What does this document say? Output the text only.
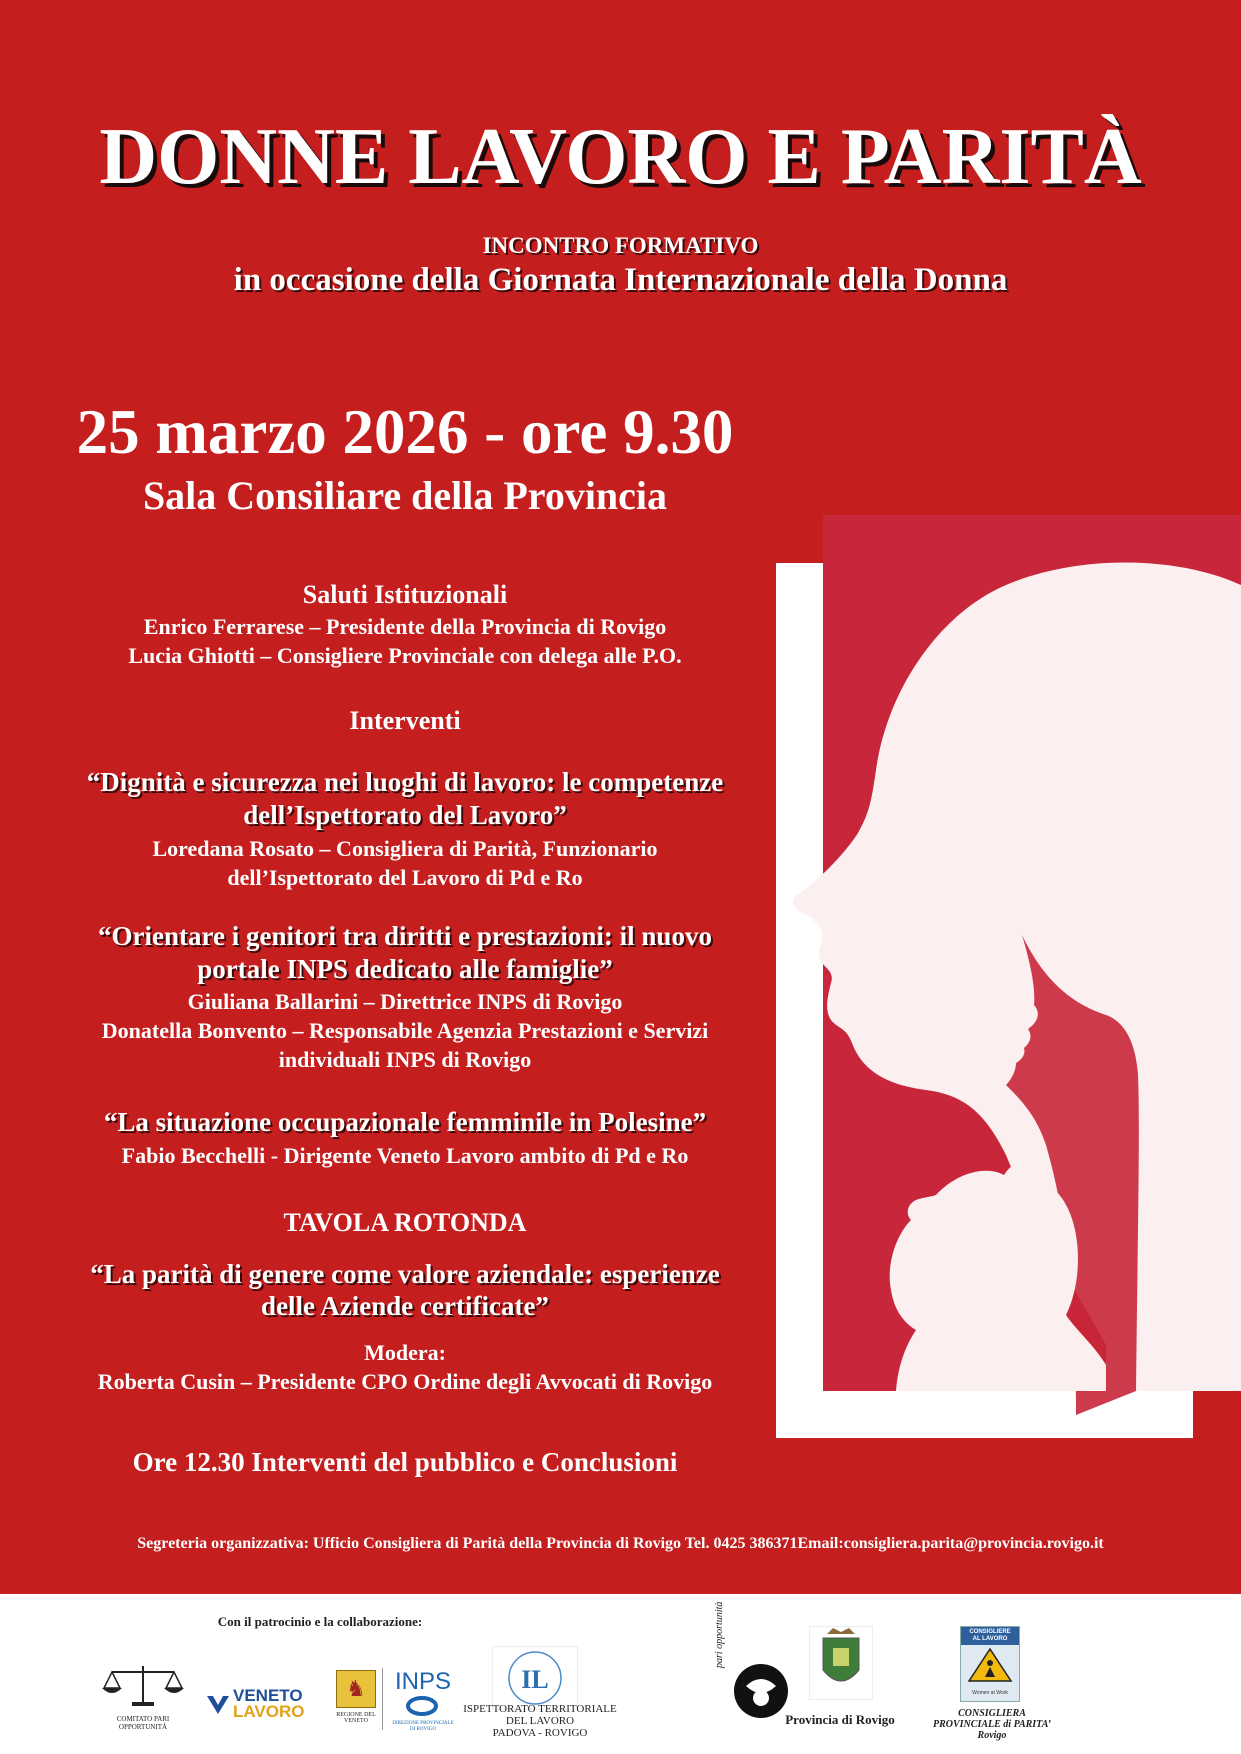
DONNE LAVORO E PARITÀ
INCONTRO FORMATIVO
in occasione della Giornata Internazionale della Donna
25 marzo 2026 - ore 9.30
Sala Consiliare della Provincia
Saluti Istituzionali
Enrico Ferrarese – Presidente della Provincia di Rovigo
Lucia Ghiotti – Consigliere Provinciale con delega alle P.O.
Interventi
“Dignità e sicurezza nei luoghi di lavoro: le competenze
dell’Ispettorato del Lavoro”
Loredana Rosato – Consigliera di Parità, Funzionario
dell’Ispettorato del Lavoro di Pd e Ro
“Orientare i genitori tra diritti e prestazioni: il nuovo
portale INPS dedicato alle famiglie”
Giuliana Ballarini – Direttrice INPS di Rovigo
Donatella Bonvento – Responsabile Agenzia Prestazioni e Servizi
individuali INPS di Rovigo
“La situazione occupazionale femminile in Polesine”
Fabio Becchelli - Dirigente Veneto Lavoro ambito di Pd e Ro
TAVOLA ROTONDA
“La parità di genere come valore aziendale: esperienze
delle Aziende certificate”
Modera:
Roberta Cusin – Presidente CPO Ordine degli Avvocati di Rovigo
Ore 12.30 Interventi del pubblico e Conclusioni
Segreteria organizzativa: Ufficio Consigliera di Parità della Provincia di Rovigo Tel. 0425 386371Email:consigliera.parita@provincia.rovigo.it
Con il patrocinio e la collaborazione:
COMITATO PARI
OPPORTUNITÀ
VENETO
LAVORO
♞
REGIONE DEL VENETO
INPS
DIREZIONE PROVINCIALE
DI ROVIGO
IL
ISPETTORATO TERRITORIALE
DEL LAVORO
PADOVA - ROVIGO
pari opportunità
Provincia di Rovigo
CONSIGLIERE
AL LAVORO
Women at Work
CONSIGLIERA
PROVINCIALE di PARITA’
Rovigo
